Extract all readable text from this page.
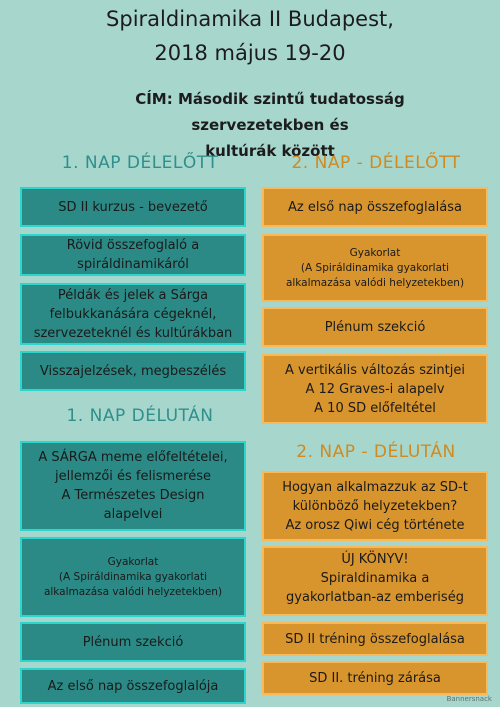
Spiraldinamika II Budapest,
2018 május 19-20
CÍM: Második szintű tudatosság szervezetekben és
kultúrák között
1. NAP DÉLELŐTT
SD II kurzus - bevezető
Rövid összefoglaló a
spiráldinamikáról
Példák és jelek a Sárga
felbukkanására cégeknél,
szervezeteknél és kultúrákban
Visszajelzések, megbeszélés
1. NAP DÉLUTÁN
A SÁRGA meme előfeltételei,
jellemzői és felismerése
A Természetes Design
alapelvei
Gyakorlat
(A Spiráldinamika gyakorlati
alkalmazása valódi helyzetekben)
Plénum szekció
Az első nap összefoglalója
2. NAP - DÉLELŐTT
Az első nap összefoglalása
Gyakorlat
(A Spiráldinamika gyakorlati
alkalmazása valódi helyzetekben)
Plénum szekció
A vertikális változás szintjei
A 12 Graves-i alapelv
A 10 SD előfeltétel
2. NAP - DÉLUTÁN
Hogyan alkalmazzuk az SD-t
különböző helyzetekben?
Az orosz Qiwi cég története
ÚJ KÖNYV!
Spiraldinamika a
gyakorlatban-az emberiség
SD II tréning összefoglalása
SD II. tréning zárása
Bannersnack
